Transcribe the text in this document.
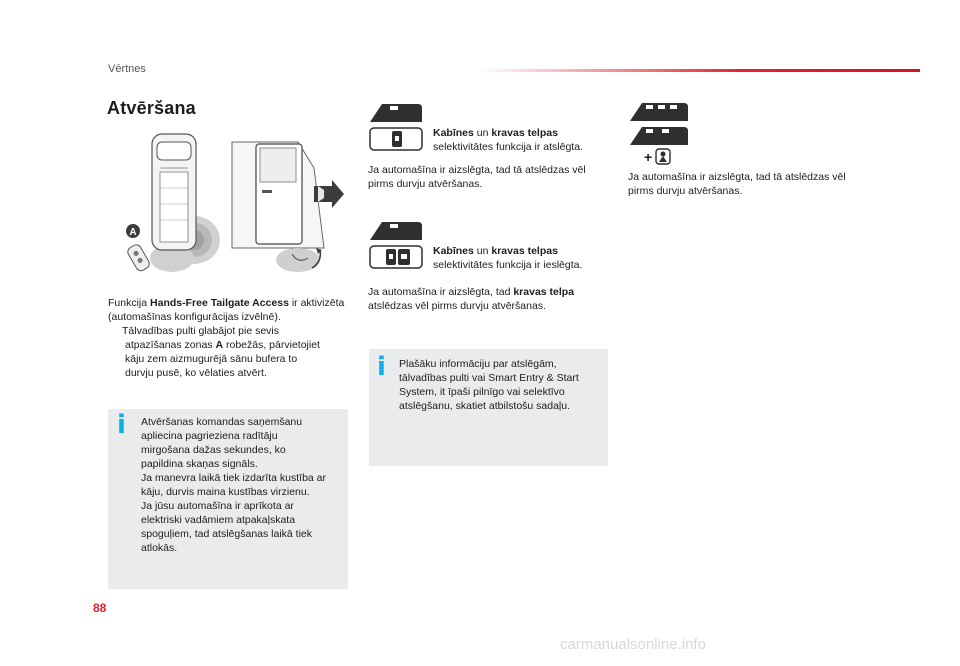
Vērtnes
Atvēršana
A
Funkcija Hands-Free Tailgate Access ir aktivizēta (automašīnas konfigurācijas izvēlnē).
Tālvadības pulti glabājot pie sevis
atpazīšanas zonas A robežās, pārvietojiet
kāju zem aizmugurējā sānu bufera to
durvju pusē, ko vēlaties atvērt.
i Atvēršanas komandas saņemšanu
apliecina pagrieziena radītāju
mirgošana dažas sekundes, ko
papildina skaņas signāls.
Ja manevra laikā tiek izdarīta kustība ar
kāju, durvis maina kustības virzienu.
Ja jūsu automašīna ir aprīkota ar
elektriski vadāmiem atpakaļskata
spoguļiem, tad atslēgšanas laikā tiek
atlokās.
Kabīnes un kravas telpas
selektivitātes funkcija ir atslēgta.
Ja automašīna ir aizslēgta, tad tā atslēdzas vēl
pirms durvju atvēršanas.
Kabīnes un kravas telpas
selektivitātes funkcija ir ieslēgta.
Ja automašīna ir aizslēgta, tad kravas telpa
atslēdzas vēl pirms durvju atvēršanas.
i Plašāku informāciju par atslēgām,
tālvadības pulti vai Smart Entry & Start
System, it īpaši pilnīgo vai selektīvo
atslēgšanu, skatiet atbilstošu sadaļu.
+
Ja automašīna ir aizslēgta, tad tā atslēdzas vēl
pirms durvju atvēršanas.
88
carmanualsonline.info
